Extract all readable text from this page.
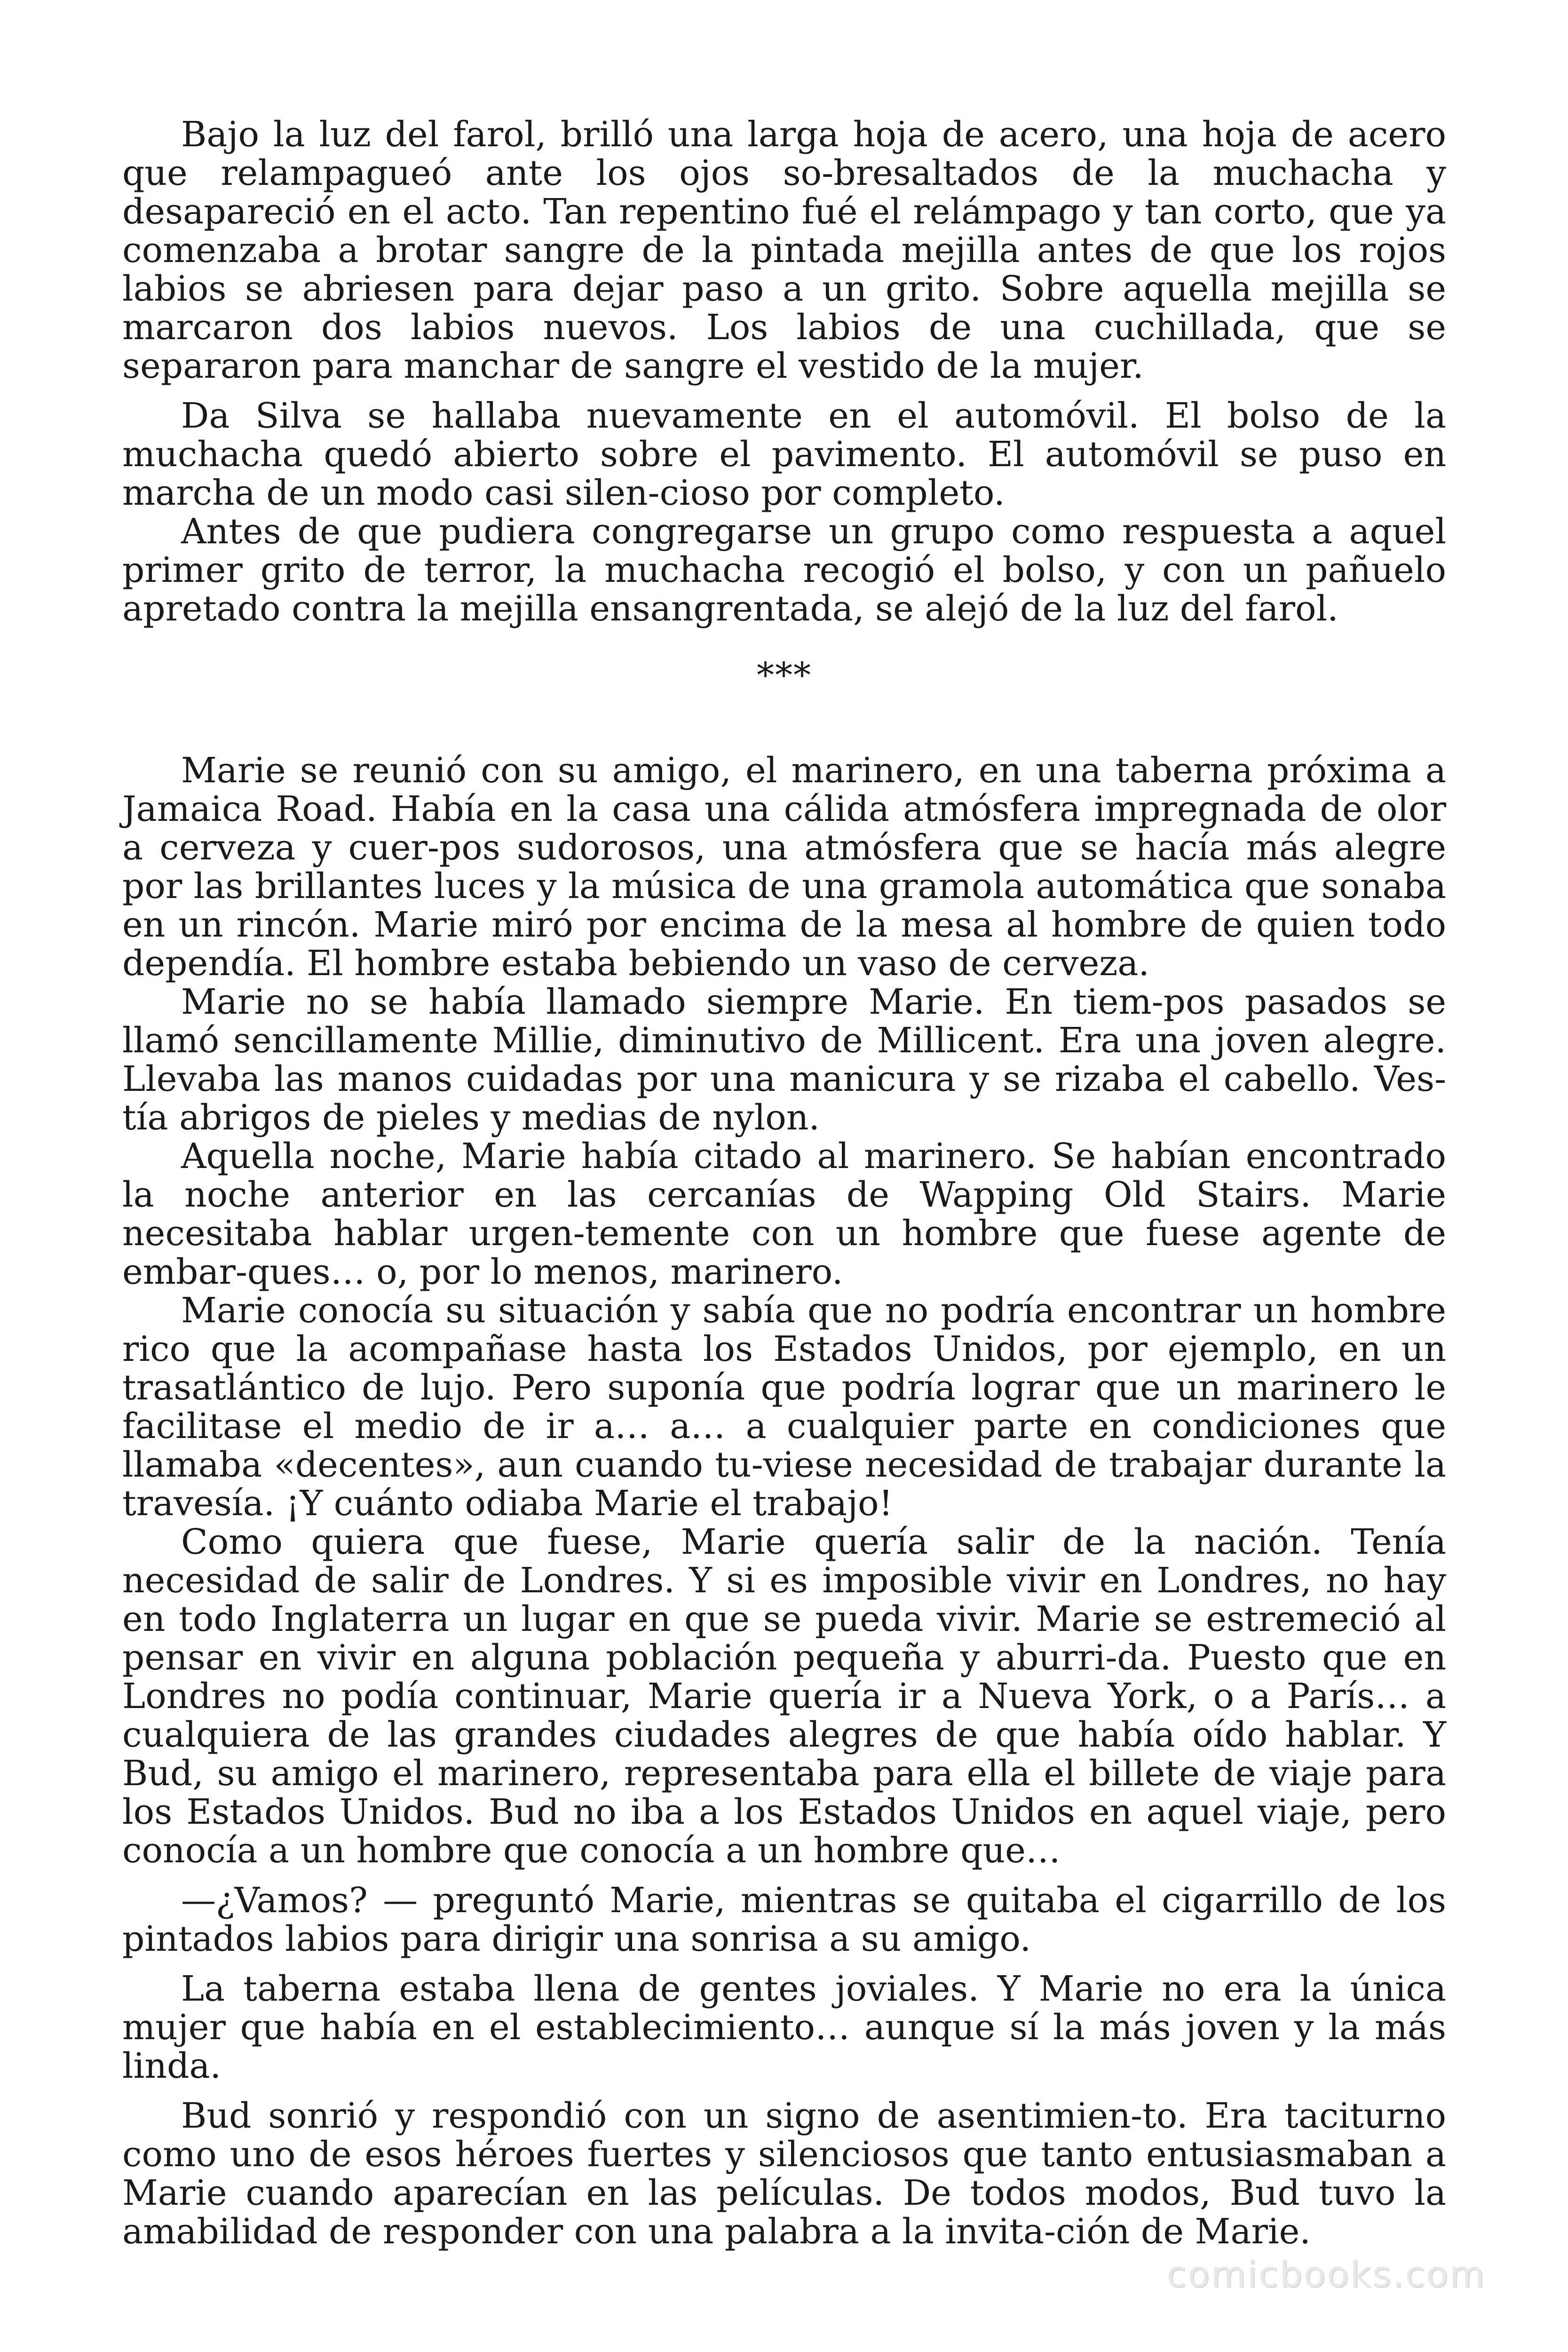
Bajo la luz del farol, brilló una larga hoja de acero, una hoja de acero que relampagueó ante los ojos so-bresaltados de la muchacha y desapareció en el acto. Tan repentino fué el relámpago y tan corto, que ya comenzaba a brotar sangre de la pintada mejilla antes de que los rojos labios se abriesen para dejar paso a un grito. Sobre aquella mejilla se marcaron dos labios nuevos. Los labios de una cuchillada, que se separaron para manchar de sangre el vestido de la mujer.

Da Silva se hallaba nuevamente en el automóvil. El bolso de la muchacha quedó abierto sobre el pavimento. El automóvil se puso en marcha de un modo casi silen-cioso por completo.

Antes de que pudiera congregarse un grupo como respuesta a aquel primer grito de terror, la muchacha recogió el bolso, y con un pañuelo apretado contra la mejilla ensangrentada, se alejó de la luz del farol.

***

Marie se reunió con su amigo, el marinero, en una taberna próxima a Jamaica Road. Había en la casa una cálida atmósfera impregnada de olor a cerveza y cuer-pos sudorosos, una atmósfera que se hacía más alegre por las brillantes luces y la música de una gramola automática que sonaba en un rincón. Marie miró por encima de la mesa al hombre de quien todo dependía. El hombre estaba bebiendo un vaso de cerveza.

Marie no se había llamado siempre Marie. En tiem-pos pasados se llamó sencillamente Millie, diminutivo de Millicent. Era una joven alegre. Llevaba las manos cuidadas por una manicura y se rizaba el cabello. Ves-tía abrigos de pieles y medias de nylon.

Aquella noche, Marie había citado al marinero. Se habían encontrado la noche anterior en las cercanías de Wapping Old Stairs. Marie necesitaba hablar urgen-temente con un hombre que fuese agente de embar-ques… o, por lo menos, marinero.

Marie conocía su situación y sabía que no podría encontrar un hombre rico que la acompañase hasta los Estados Unidos, por ejemplo, en un trasatlántico de lujo. Pero suponía que podría lograr que un marinero le facilitase el medio de ir a… a… a cualquier parte en condiciones que llamaba «decentes», aun cuando tu-viese necesidad de trabajar durante la travesía. ¡Y cuánto odiaba Marie el trabajo!

Como quiera que fuese, Marie quería salir de la nación. Tenía necesidad de salir de Londres. Y si es imposible vivir en Londres, no hay en todo Inglaterra un lugar en que se pueda vivir. Marie se estremeció al pensar en vivir en alguna población pequeña y aburri-da. Puesto que en Londres no podía continuar, Marie quería ir a Nueva York, o a París… a cualquiera de las grandes ciudades alegres de que había oído hablar. Y Bud, su amigo el marinero, representaba para ella el billete de viaje para los Estados Unidos. Bud no iba a los Estados Unidos en aquel viaje, pero conocía a un hombre que conocía a un hombre que…

—¿Vamos? — preguntó Marie, mientras se quitaba el cigarrillo de los pintados labios para dirigir una sonrisa a su amigo.

La taberna estaba llena de gentes joviales. Y Marie no era la única mujer que había en el establecimiento… aunque sí la más joven y la más linda.

Bud sonrió y respondió con un signo de asentimien-to. Era taciturno como uno de esos héroes fuertes y silenciosos que tanto entusiasmaban a Marie cuando aparecían en las películas. De todos modos, Bud tuvo la amabilidad de responder con una palabra a la invita-ción de Marie.

comicbooks.com
